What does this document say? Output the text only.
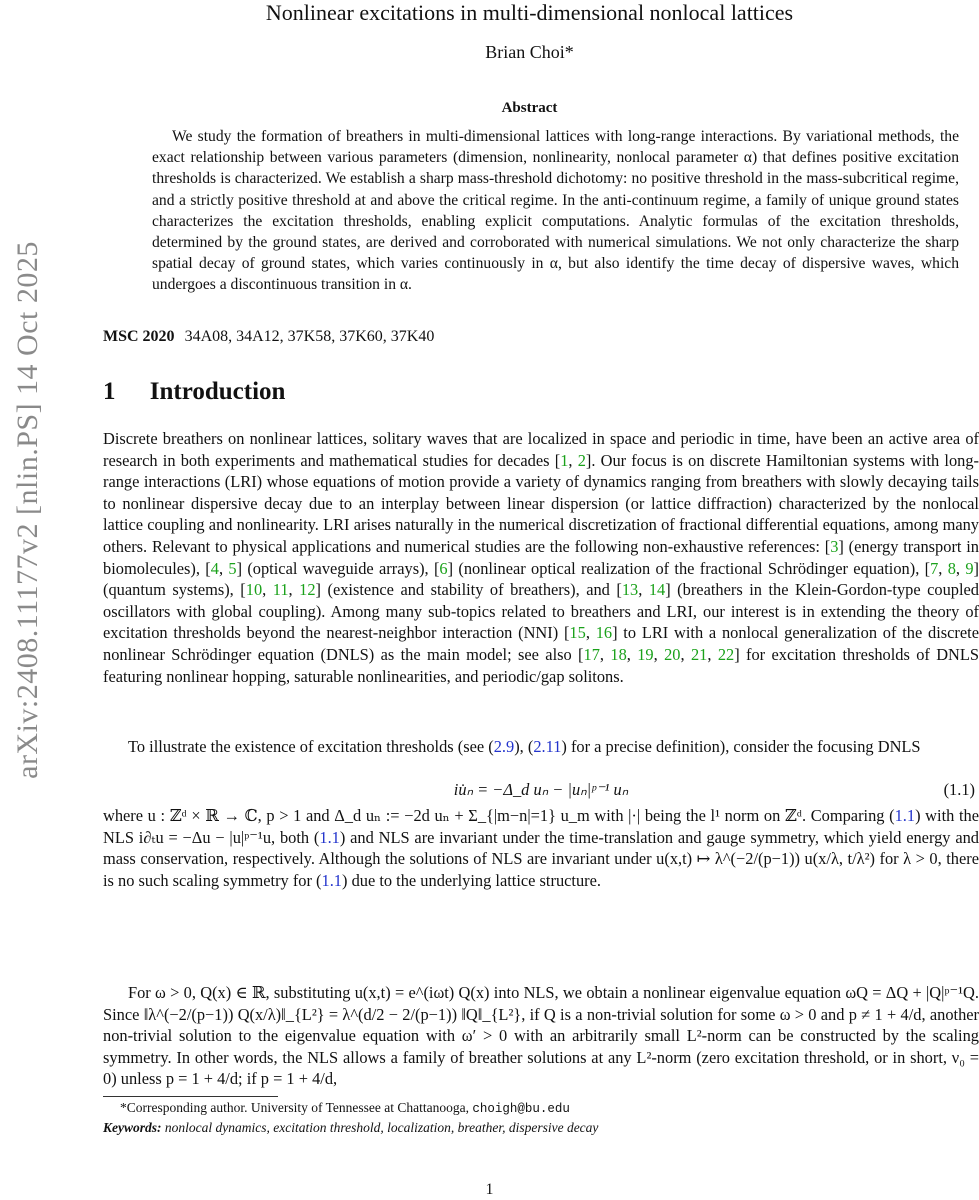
arXiv:2408.11177v2 [nlin.PS] 14 Oct 2025
Nonlinear excitations in multi-dimensional nonlocal lattices
Brian Choi*
Abstract
We study the formation of breathers in multi-dimensional lattices with long-range interactions. By variational methods, the exact relationship between various parameters (dimension, nonlinearity, nonlocal parameter α) that defines positive excitation thresholds is characterized. We establish a sharp mass-threshold dichotomy: no positive threshold in the mass-subcritical regime, and a strictly positive threshold at and above the critical regime. In the anti-continuum regime, a family of unique ground states characterizes the excitation thresholds, enabling explicit computations. Analytic formulas of the excitation thresholds, determined by the ground states, are derived and corroborated with numerical simulations. We not only characterize the sharp spatial decay of ground states, which varies continuously in α, but also identify the time decay of dispersive waves, which undergoes a discontinuous transition in α.
MSC 2020 34A08, 34A12, 37K58, 37K60, 37K40
1 Introduction
Discrete breathers on nonlinear lattices, solitary waves that are localized in space and periodic in time, have been an active area of research in both experiments and mathematical studies for decades [1, 2]. Our focus is on discrete Hamiltonian systems with long-range interactions (LRI) whose equations of motion provide a variety of dynamics ranging from breathers with slowly decaying tails to nonlinear dispersive decay due to an interplay between linear dispersion (or lattice diffraction) characterized by the nonlocal lattice coupling and nonlinearity. LRI arises naturally in the numerical discretization of fractional differential equations, among many others. Relevant to physical applications and numerical studies are the following non-exhaustive references: [3] (energy transport in biomolecules), [4, 5] (optical waveguide arrays), [6] (nonlinear optical realization of the fractional Schrödinger equation), [7, 8, 9] (quantum systems), [10, 11, 12] (existence and stability of breathers), and [13, 14] (breathers in the Klein-Gordon-type coupled oscillators with global coupling). Among many sub-topics related to breathers and LRI, our interest is in extending the theory of excitation thresholds beyond the nearest-neighbor interaction (NNI) [15, 16] to LRI with a nonlocal generalization of the discrete nonlinear Schrödinger equation (DNLS) as the main model; see also [17, 18, 19, 20, 21, 22] for excitation thresholds of DNLS featuring nonlinear hopping, saturable nonlinearities, and periodic/gap solitons.
To illustrate the existence of excitation thresholds (see (2.9), (2.11) for a precise definition), consider the focusing DNLS
iu̇ₙ = −Δ_d uₙ − |uₙ|ᵖ⁻¹ uₙ	(1.1)
where u : ℤᵈ × ℝ → ℂ, p > 1 and Δ_d uₙ := −2d uₙ + Σ_{|m−n|=1} u_m with |·| being the l¹ norm on ℤᵈ. Comparing (1.1) with the NLS i∂ₜu = −Δu − |u|ᵖ⁻¹u, both (1.1) and NLS are invariant under the time-translation and gauge symmetry, which yield energy and mass conservation, respectively. Although the solutions of NLS are invariant under u(x,t) ↦ λ^(−2/(p−1)) u(x/λ, t/λ²) for λ > 0, there is no such scaling symmetry for (1.1) due to the underlying lattice structure.
For ω > 0, Q(x) ∈ ℝ, substituting u(x,t) = e^(iωt) Q(x) into NLS, we obtain a nonlinear eigenvalue equation ωQ = ΔQ + |Q|ᵖ⁻¹Q. Since ‖λ^(−2/(p−1)) Q(x/λ)‖_{L²} = λ^(d/2 − 2/(p−1)) ‖Q‖_{L²}, if Q is a non-trivial solution for some ω > 0 and p ≠ 1 + 4/d, another non-trivial solution to the eigenvalue equation with ω′ > 0 with an arbitrarily small L²-norm can be constructed by the scaling symmetry. In other words, the NLS allows a family of breather solutions at any L²-norm (zero excitation threshold, or in short, ν₀ = 0) unless p = 1 + 4/d; if p = 1 + 4/d,
*Corresponding author. University of Tennessee at Chattanooga, choigh@bu.edu
Keywords: nonlocal dynamics, excitation threshold, localization, breather, dispersive decay
1
